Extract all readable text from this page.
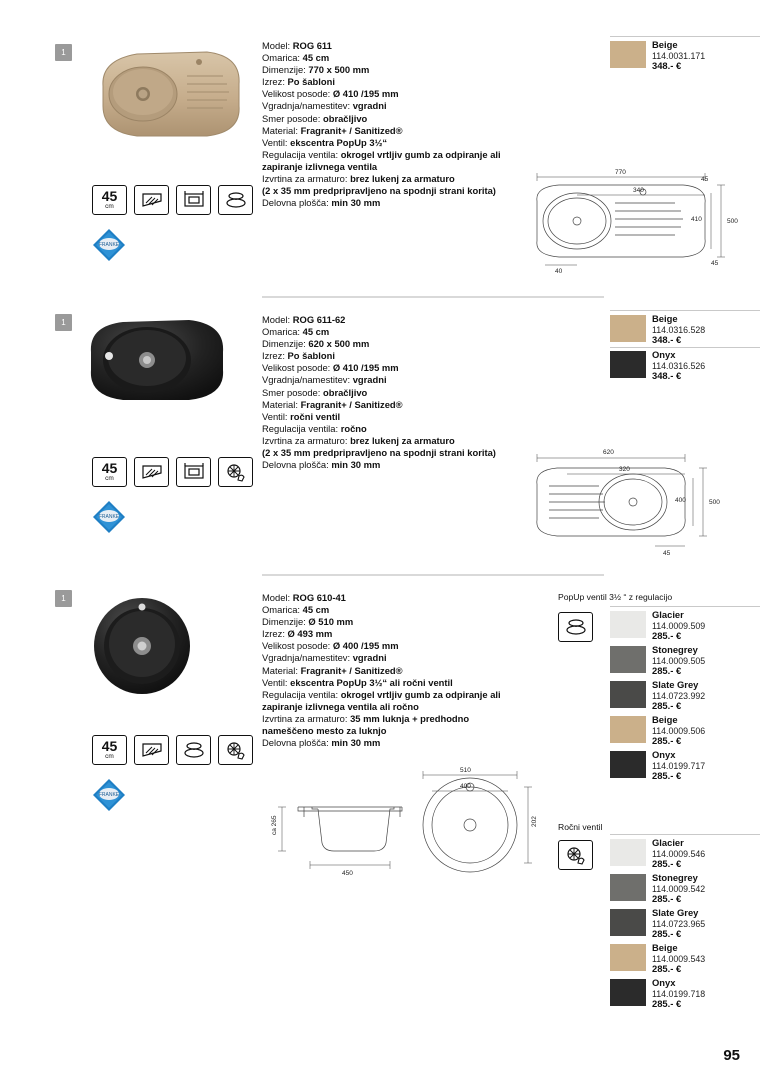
1
Model: ROG 611
Omarica: 45 cm
Dimenzije: 770 x 500 mm
Izrez: Po šabloni
Velikost posode: Ø 410 /195 mm
Vgradnja/namestitev: vgradni
Smer posode: obračljivo
Material: Fragranit+ / Sanitized®
Ventil: ekscentra PopUp 3½“
Regulacija ventila: okrogel vrtljiv gumb za odpiranje ali
zapiranje izlivnega ventila
Izvrtina za armaturo: brez lukenj za armaturo
(2 x 35 mm predpripravljeno na spodnji strani korita)
Delovna plošča: min 30 mm
45
cm
FRANKE
Beige
114.0031.171
348.- €
770
340
45
410	500
40
45
1	Model: ROG 611-62
Omarica: 45 cm
Dimenzije: 620 x 500 mm
Izrez: Po šabloni
Velikost posode: Ø 410 /195 mm
Vgradnja/namestitev: vgradni
Smer posode: obračljivo
Material: Fragranit+ / Sanitized®
Ventil: ročni ventil
Regulacija ventila: ročno
Izvrtina za armaturo: brez lukenj za armaturo
(2 x 35 mm predpripravljeno na spodnji strani korita)
Delovna plošča: min 30 mm
45
cm
FRANKE
Beige
114.0316.528
348.- €
Onyx
114.0316.526
348.- €
620
320
400	500
45
1	Model: ROG 610-41
Omarica: 45 cm
Dimenzije: Ø 510 mm
Izrez: Ø 493 mm
Velikost posode: Ø 400 /195 mm
Vgradnja/namestitev: vgradni
Material: Fragranit+ / Sanitized®
Ventil: ekscentra PopUp 3½“ ali ročni ventil
Regulacija ventila: okrogel vrtljiv gumb za odpiranje ali
zapiranje izlivnega ventila ali ročno
Izvrtina za armaturo: 35 mm luknja + predhodno
nameščeno mesto za luknjo
Delovna plošča: min 30 mm
45
cm
FRANKE
PopUp ventil 3½ “ z regulacijo
Glacier
114.0009.509
285.- €
Stonegrey
114.0009.505
285.- €
Slate Grey
114.0723.992
285.- €
Beige
114.0009.506
285.- €
Onyx
114.0199.717
285.- €
Ročni ventil
Glacier
114.0009.546
285.- €
Stonegrey
114.0009.542
285.- €
Slate Grey
114.0723.965
285.- €
Beige
114.0009.543
285.- €
Onyx
114.0199.718
285.- €
ca 265
450
510
400
202
95
